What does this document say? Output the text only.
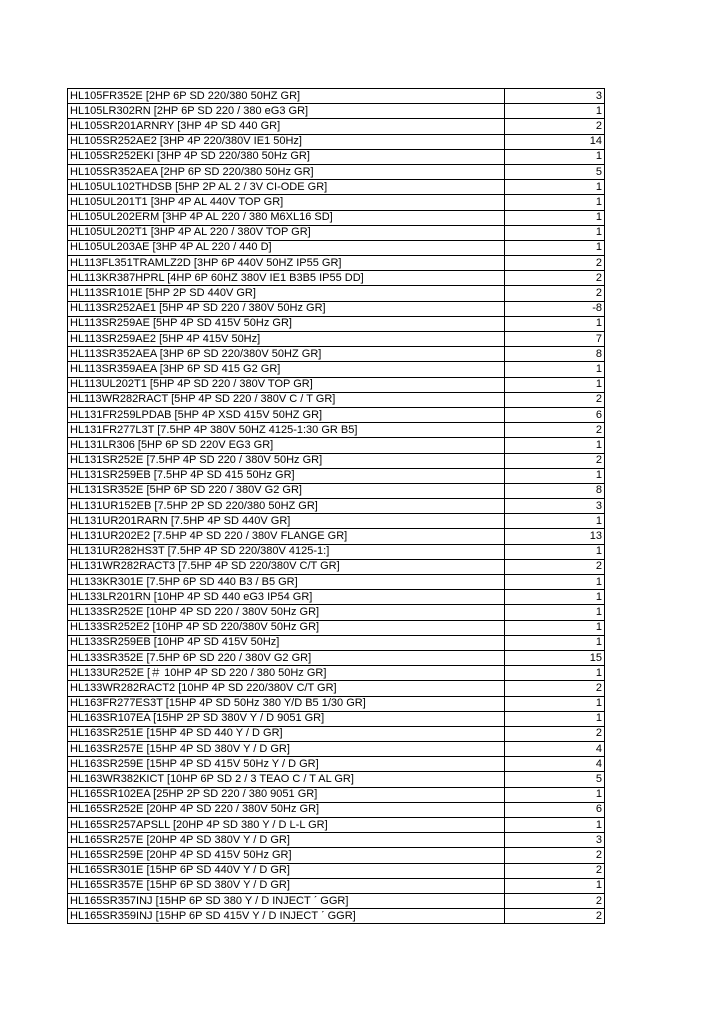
HL105FR352E [2HP 6P SD 220/380 50HZ GR]	3
HL105LR302RN [2HP 6P SD 220 / 380 eG3 GR]	1
HL105SR201ARNRY [3HP 4P SD 440 GR]	2
HL105SR252AE2 [3HP 4P 220/380V IE1 50Hz]	14
HL105SR252EKI [3HP 4P SD 220/380 50Hz GR]	1
HL105SR352AEA [2HP 6P SD 220/380 50Hz GR]	5
HL105UL102THDSB [5HP 2P AL 2 / 3V CI-ODE GR]	1
HL105UL201T1 [3HP 4P AL 440V TOP GR]	1
HL105UL202ERM [3HP 4P AL 220 / 380 M6XL16 SD]	1
HL105UL202T1 [3HP 4P AL 220 / 380V TOP GR]	1
HL105UL203AE [3HP 4P AL 220 / 440 D]	1
HL113FL351TRAMLZ2D [3HP 6P 440V 50HZ IP55 GR]	2
HL113KR387HPRL [4HP 6P 60HZ 380V IE1 B3B5 IP55 DD]	2
HL113SR101E [5HP 2P SD 440V GR]	2
HL113SR252AE1 [5HP 4P SD 220 / 380V 50Hz GR]	-8
HL113SR259AE [5HP 4P SD 415V 50Hz GR]	1
HL113SR259AE2 [5HP 4P 415V 50Hz]	7
HL113SR352AEA [3HP 6P SD 220/380V 50HZ GR]	8
HL113SR359AEA [3HP 6P SD 415 G2 GR]	1
HL113UL202T1 [5HP 4P SD 220 / 380V TOP GR]	1
HL113WR282RACT [5HP 4P SD 220 / 380V C / T GR]	2
HL131FR259LPDAB [5HP 4P XSD 415V 50HZ GR]	6
HL131FR277L3T [7.5HP 4P 380V 50HZ 4125-1:30 GR B5]	2
HL131LR306 [5HP 6P SD 220V EG3 GR]	1
HL131SR252E [7.5HP 4P SD 220 / 380V 50Hz GR]	2
HL131SR259EB [7.5HP 4P SD 415 50Hz GR]	1
HL131SR352E [5HP 6P SD 220 / 380V G2 GR]	8
HL131UR152EB [7.5HP 2P SD 220/380 50HZ GR]	3
HL131UR201RARN [7.5HP 4P SD 440V GR]	1
HL131UR202E2 [7.5HP 4P SD 220 / 380V FLANGE GR]	13
HL131UR282HS3T [7.5HP 4P SD 220/380V 4125-1:]	1
HL131WR282RACT3 [7.5HP 4P SD 220/380V C/T GR]	2
HL133KR301E [7.5HP 6P SD 440 B3 / B5 GR]	1
HL133LR201RN [10HP 4P SD 440 eG3 IP54 GR]	1
HL133SR252E [10HP 4P SD 220 / 380V 50Hz GR]	1
HL133SR252E2 [10HP 4P SD 220/380V 50Hz GR]	1
HL133SR259EB [10HP 4P SD 415V 50Hz]	1
HL133SR352E [7.5HP 6P SD 220 / 380V G2 GR]	15
HL133UR252E [＃ 10HP 4P SD 220 / 380 50Hz GR]	1
HL133WR282RACT2 [10HP 4P SD 220/380V C/T GR]	2
HL163FR277ES3T [15HP 4P SD 50Hz 380 Y/D B5 1/30 GR]	1
HL163SR107EA [15HP 2P SD 380V Y / D 9051 GR]	1
HL163SR251E [15HP 4P SD 440 Y / D GR]	2
HL163SR257E [15HP 4P SD 380V Y / D GR]	4
HL163SR259E [15HP 4P SD 415V 50Hz Y / D GR]	4
HL163WR382KICT [10HP 6P SD 2 / 3 TEAO C / T AL GR]	5
HL165SR102EA [25HP 2P SD 220 / 380 9051 GR]	1
HL165SR252E [20HP 4P SD 220 / 380V 50Hz GR]	6
HL165SR257APSLL [20HP 4P SD 380 Y / D L-L GR]	1
HL165SR257E [20HP 4P SD 380V Y / D GR]	3
HL165SR259E [20HP 4P SD 415V 50Hz GR]	2
HL165SR301E [15HP 6P SD 440V Y / D GR]	2
HL165SR357E [15HP 6P SD 380V Y / D GR]	1
HL165SR357INJ [15HP 6P SD 380 Y / D INJECT ˊ GGR]	2
HL165SR359INJ [15HP 6P SD 415V Y / D INJECT ˊ GGR]	2
